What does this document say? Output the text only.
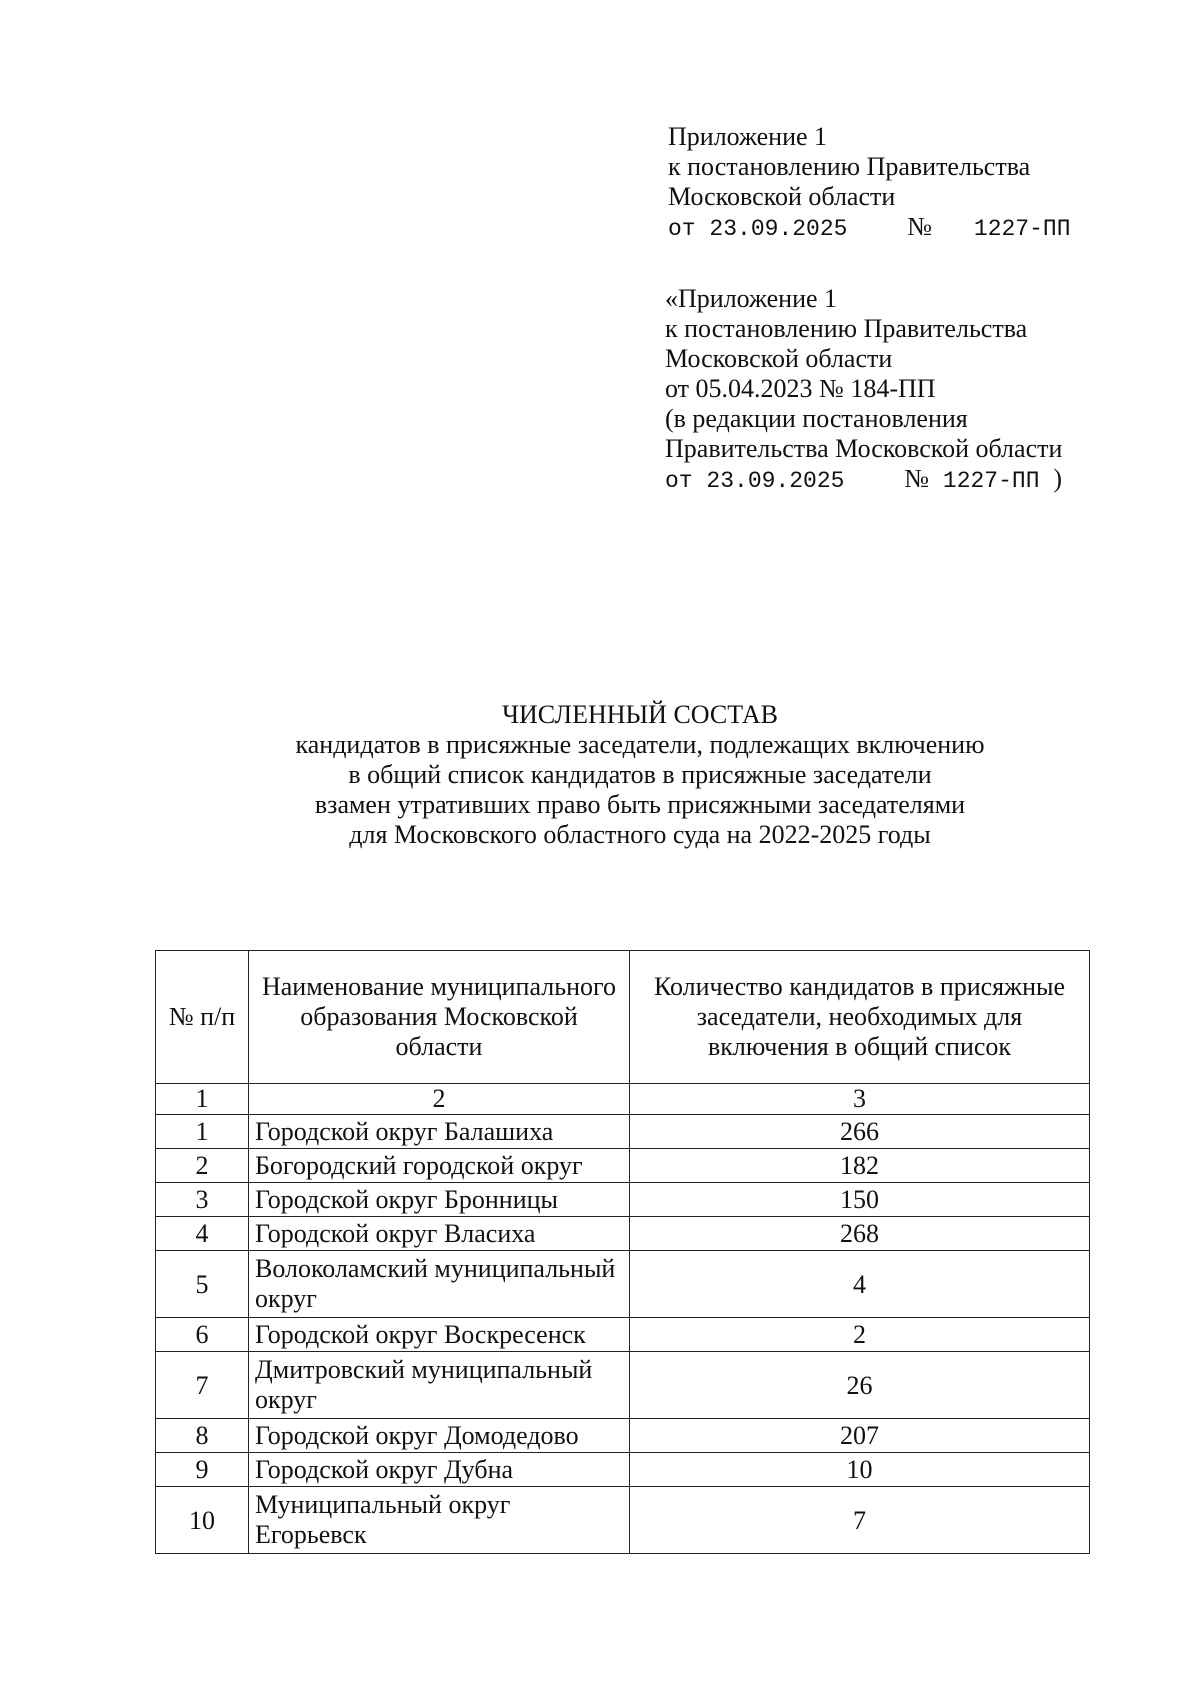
Приложение 1
к постановлению Правительства
Московской области
от 23.09.2025 № 1227-ПП
«Приложение 1
к постановлению Правительства
Московской области
от 05.04.2023 № 184-ПП
(в редакции постановления
Правительства Московской области
от 23.09.2025 № 1227-ПП )
ЧИСЛЕННЫЙ СОСТАВ
кандидатов в присяжные заседатели, подлежащих включению
в общий список кандидатов в присяжные заседатели
взамен утративших право быть присяжными заседателями
для Московского областного суда на 2022-2025 годы
№ п/п	Наименование муниципального образования Московской области	Количество кандидатов в присяжные заседатели, необходимых для включения в общий список
1	2	3
1	Городской округ Балашиха	266
2	Богородский городской округ	182
3	Городской округ Бронницы	150
4	Городской округ Власиха	268
5	Волоколамский муниципальный округ	4
6	Городской округ Воскресенск	2
7	Дмитровский муниципальный округ	26
8	Городской округ Домодедово	207
9	Городской округ Дубна	10
10	Муниципальный округ Егорьевск	7
